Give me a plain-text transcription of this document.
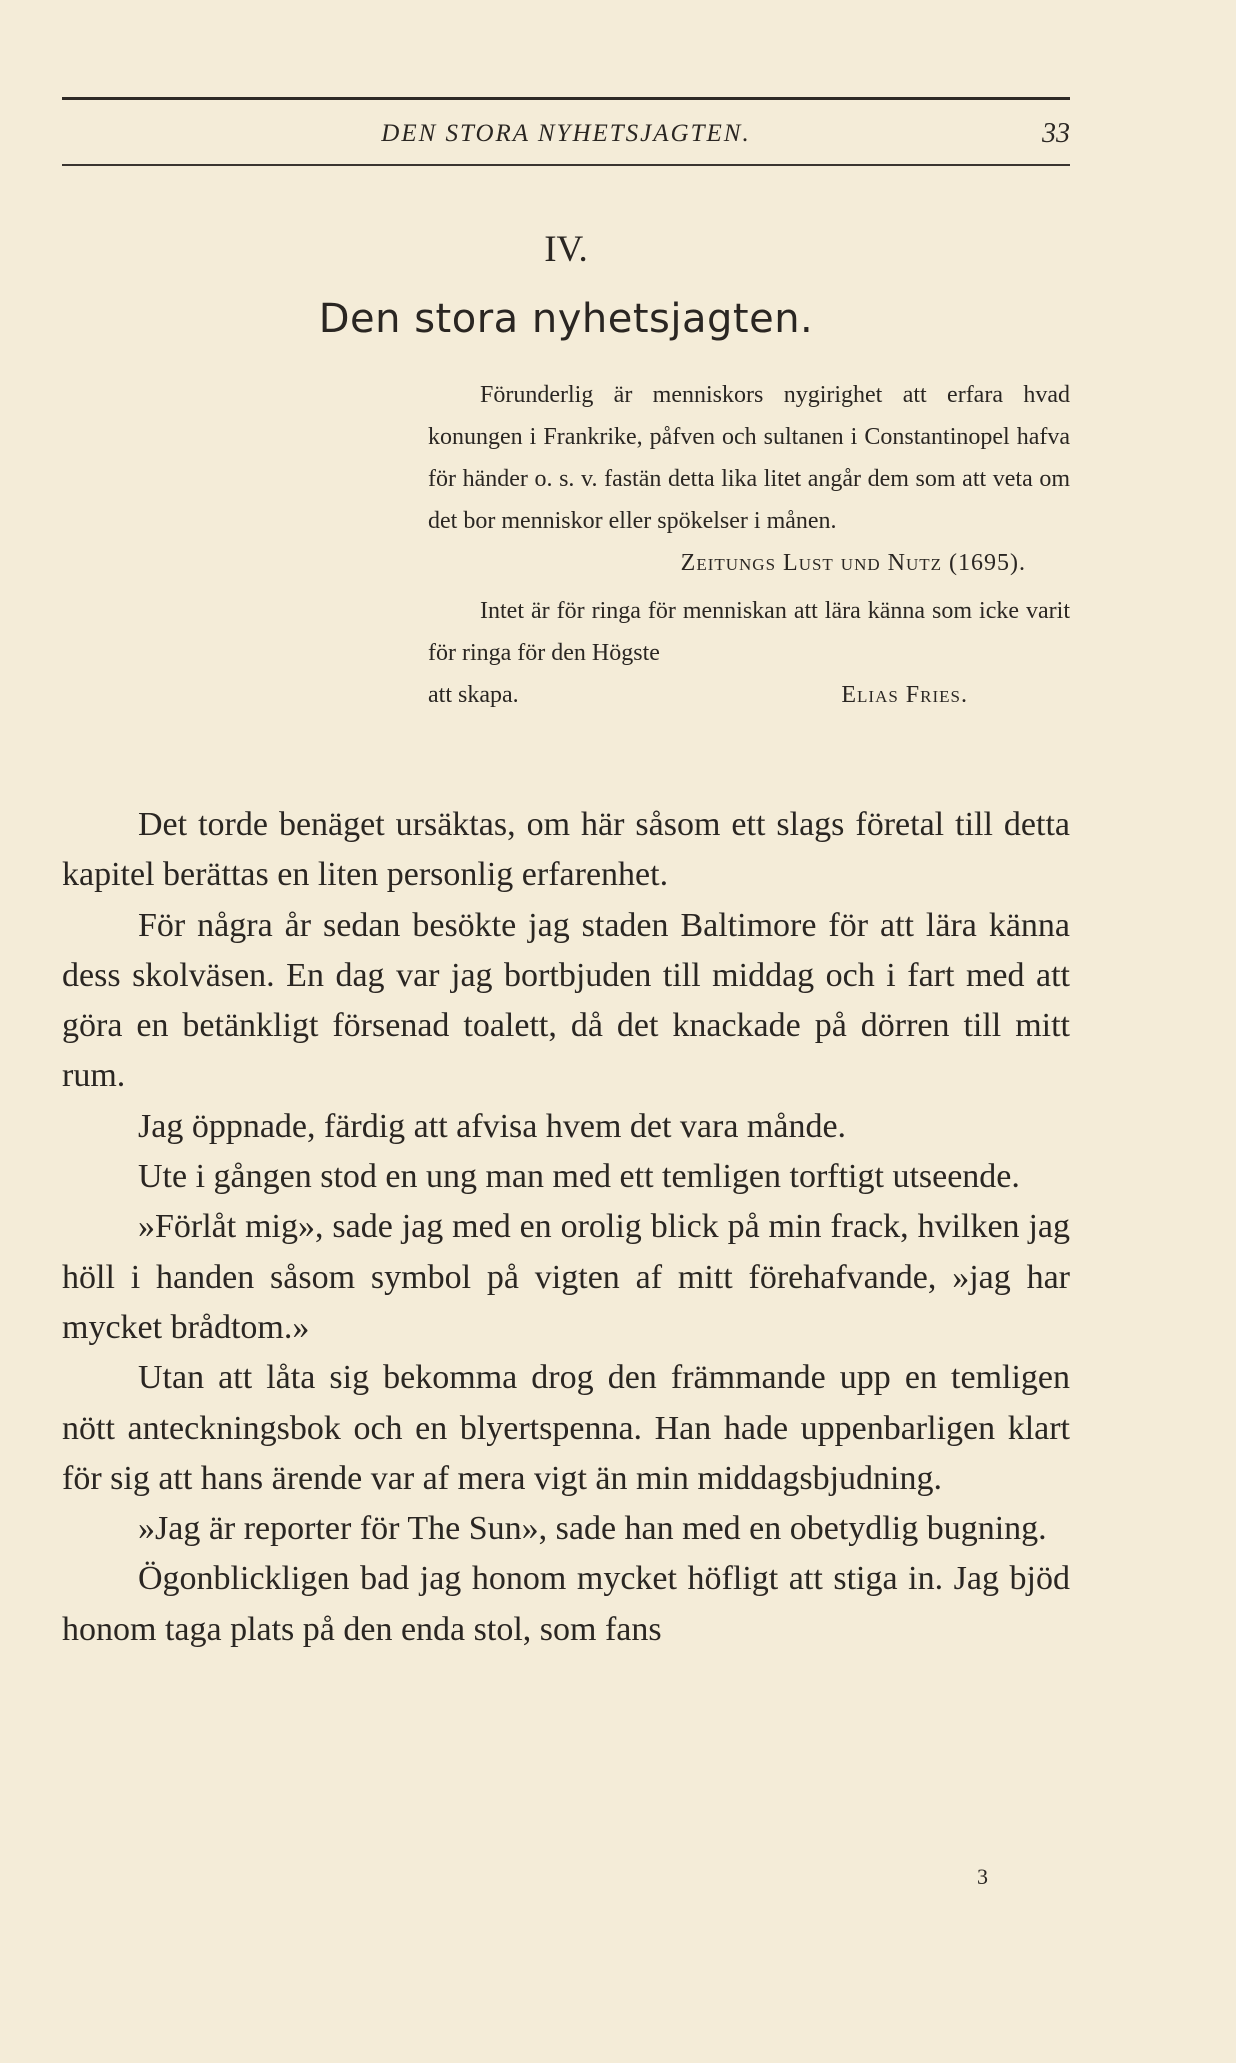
DEN STORA NYHETSJAGTEN.	33
IV.
Den stora nyhetsjagten.

Förunderlig är menniskors nygirighet att erfara hvad konungen i Frankrike, påfven och sultanen i Constantinopel hafva för händer o. s. v. fastän detta lika litet angår dem som att veta om det bor menniskor eller spökelser i månen.

Zeitungs Lust und Nutz (1695).

Intet är för ringa för menniskan att lära känna som icke varit för ringa för den Högste

att skapa.	Elias Fries.

Det torde benäget ursäktas, om här såsom ett slags företal till detta kapitel berättas en liten personlig erfarenhet.

För några år sedan besökte jag staden Baltimore för att lära känna dess skolväsen. En dag var jag bortbjuden till middag och i fart med att göra en betänkligt försenad toalett, då det knackade på dörren till mitt rum.

Jag öppnade, färdig att afvisa hvem det vara månde.

Ute i gången stod en ung man med ett temligen torftigt utseende.

»Förlåt mig», sade jag med en orolig blick på min frack, hvilken jag höll i handen såsom symbol på vigten af mitt förehafvande, »jag har mycket brådtom.»

Utan att låta sig bekomma drog den främmande upp en temligen nött anteckningsbok och en blyertspenna. Han hade uppenbarligen klart för sig att hans ärende var af mera vigt än min middagsbjudning.

»Jag är reporter för The Sun», sade han med en obetydlig bugning.

Ögonblickligen bad jag honom mycket höfligt att stiga in. Jag bjöd honom taga plats på den enda stol, som fans

3
